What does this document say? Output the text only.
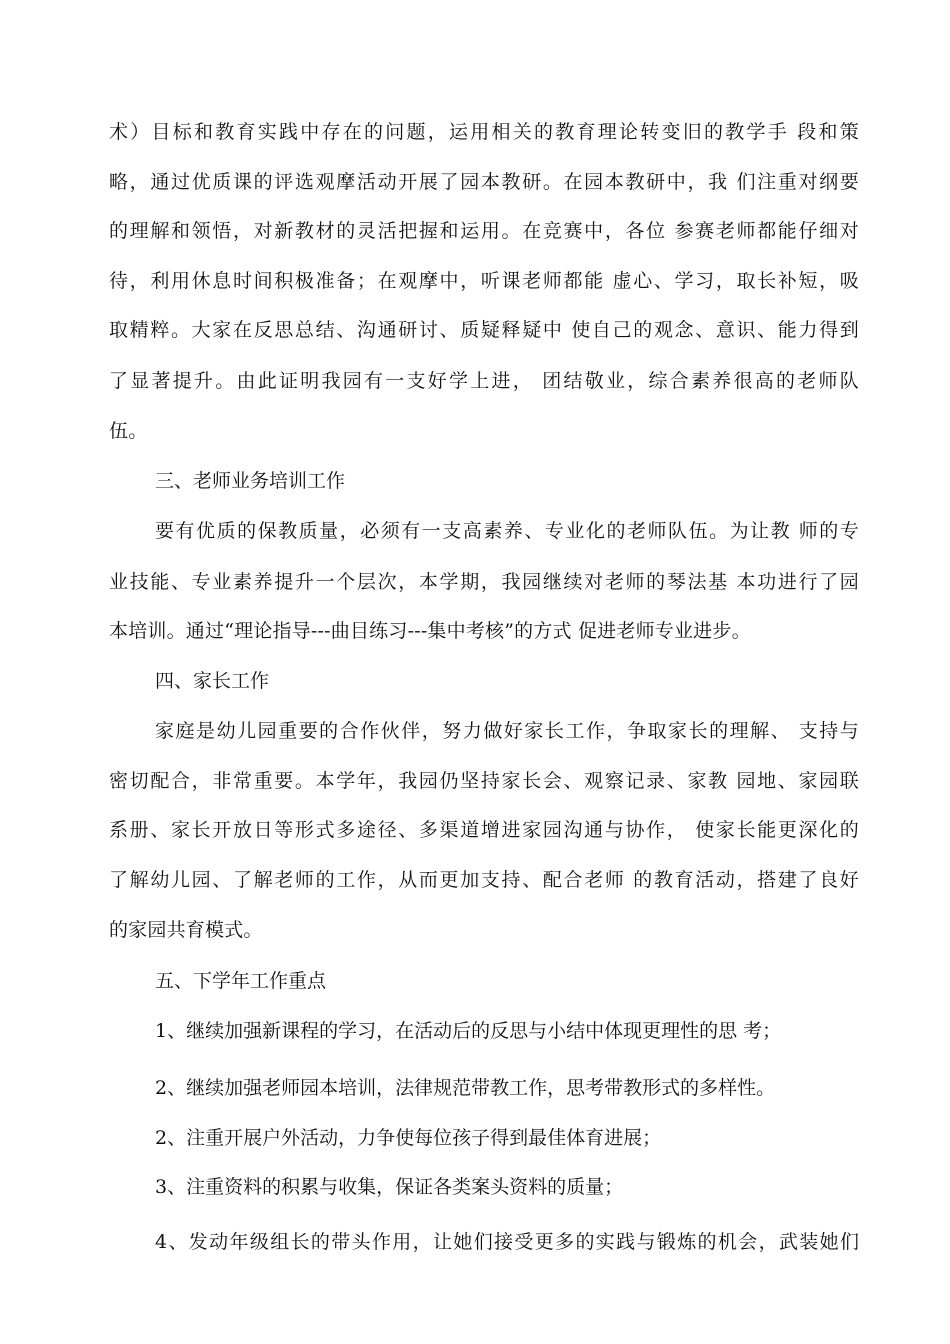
术）目标和教育实践中存在的问题，运用相关的教育理论转变旧的教学手 段和策
略，通过优质课的评选观摩活动开展了园本教研。在园本教研中，我 们注重对纲要
的理解和领悟，对新教材的灵活把握和运用。在竞赛中，各位 参赛老师都能仔细对
待，利用休息时间积极准备；在观摩中，听课老师都能 虚心、学习，取长补短，吸
取精粹。大家在反思总结、沟通研讨、质疑释疑中 使自己的观念、意识、能力得到
了显著提升。由此证明我园有一支好学上进， 团结敬业，综合素养很高的老师队
伍。
三、老师业务培训工作
要有优质的保教质量，必须有一支高素养、专业化的老师队伍。为让教 师的专
业技能、专业素养提升一个层次，本学期，我园继续对老师的琴法基 本功进行了园
本培训。通过“理论指导---曲目练习---集中考核”的方式 促进老师专业进步。
四、家长工作
家庭是幼儿园重要的合作伙伴，努力做好家长工作，争取家长的理解、 支持与
密切配合，非常重要。本学年，我园仍坚持家长会、观察记录、家教 园地、家园联
系册、家长开放日等形式多途径、多渠道增进家园沟通与协作， 使家长能更深化的
了解幼儿园、了解老师的工作，从而更加支持、配合老师 的教育活动，搭建了良好
的家园共育模式。
五、下学年工作重点
1、继续加强新课程的学习，在活动后的反思与小结中体现更理性的思 考；
2、继续加强老师园本培训，法律规范带教工作，思考带教形式的多样性。
2、注重开展户外活动，力争使每位孩子得到最佳体育进展；
3、注重资料的积累与收集，保证各类案头资料的质量；
4、发动年级组长的带头作用，让她们接受更多的实践与锻炼的机会，武装她们
